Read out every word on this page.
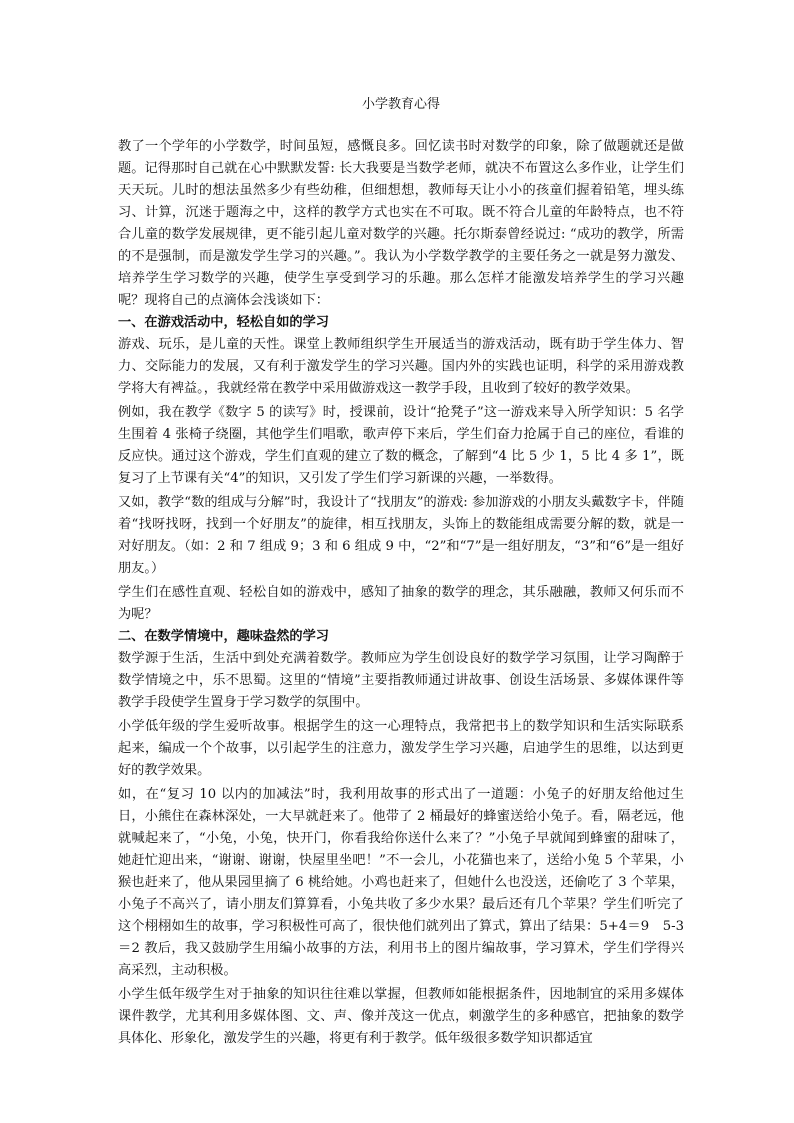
小学教育心得

教了一个学年的小学数学，时间虽短，感慨良多。回忆读书时对数学的印象，除了做题就还是做题。记得那时自己就在心中默默发誓: 长大我要是当数学老师，就决不布置这么多作业，让学生们天天玩。儿时的想法虽然多少有些幼稚，但细想想，教师每天让小小的孩童们握着铅笔，埋头练习、计算，沉迷于题海之中，这样的教学方式也实在不可取。既不符合儿童的年龄特点，也不符合儿童的数学发展规律，更不能引起儿童对数学的兴趣。托尔斯泰曾经说过: “成功的教学，所需的不是强制，而是激发学生学习的兴趣。”。我认为小学数学教学的主要任务之一就是努力激发、培养学生学习数学的兴趣，使学生享受到学习的乐趣。那么怎样才能激发培养学生的学习兴趣呢？现将自己的点滴体会浅谈如下：

一、在游戏活动中，轻松自如的学习

游戏、玩乐，是儿童的天性。课堂上教师组织学生开展适当的游戏活动，既有助于学生体力、智力、交际能力的发展，又有利于激发学生的学习兴趣。国内外的实践也证明，科学的采用游戏教学将大有裨益。，我就经常在教学中采用做游戏这一教学手段，且收到了较好的教学效果。

例如，我在教学《数字 5 的读写》时，授课前，设计“抢凳子”这一游戏来导入所学知识：5 名学生围着 4 张椅子绕圈，其他学生们唱歌，歌声停下来后，学生们奋力抢属于自己的座位，看谁的反应快。通过这个游戏，学生们直观的建立了数的概念，了解到“4 比 5 少 1，5 比 4 多 1”，既复习了上节课有关“4”的知识，又引发了学生们学习新课的兴趣，一举数得。

又如，教学“数的组成与分解”时，我设计了“找朋友”的游戏: 参加游戏的小朋友头戴数字卡，伴随着“找呀找呀，找到一个好朋友”的旋律，相互找朋友，头饰上的数能组成需要分解的数，就是一对好朋友。（如：2 和 7 组成 9；3 和 6 组成 9 中，“2”和“7”是一组好朋友，“3”和“6”是一组好朋友。）

学生们在感性直观、轻松自如的游戏中，感知了抽象的数学的理念，其乐融融，教师又何乐而不为呢？

二、在数学情境中，趣味盎然的学习

数学源于生活，生活中到处充满着数学。教师应为学生创设良好的数学学习氛围，让学习陶醉于数学情境之中，乐不思蜀。这里的“情境”主要指教师通过讲故事、创设生活场景、多媒体课件等教学手段使学生置身于学习数学的氛围中。

小学低年级的学生爱听故事。根据学生的这一心理特点，我常把书上的数学知识和生活实际联系起来，编成一个个故事，以引起学生的注意力，激发学生学习兴趣，启迪学生的思维，以达到更好的教学效果。

如，在“复习 10 以内的加减法”时，我利用故事的形式出了一道题：小兔子的好朋友给他过生日，小熊住在森林深处，一大早就赶来了。他带了 2 桶最好的蜂蜜送给小兔子。看，隔老远，他就喊起来了，“小兔，小兔，快开门，你看我给你送什么来了？”小兔子早就闻到蜂蜜的甜味了，她赶忙迎出来，“谢谢、谢谢，快屋里坐吧！”不一会儿，小花猫也来了，送给小兔 5 个苹果，小猴也赶来了，他从果园里摘了 6 桃给她。小鸡也赶来了，但她什么也没送，还偷吃了 3 个苹果，小兔子不高兴了，请小朋友们算算看，小兔共收了多少水果？最后还有几个苹果？学生们听完了这个栩栩如生的故事，学习积极性可高了，很快他们就列出了算式，算出了结果：5+4＝9　5-3＝2 教后，我又鼓励学生用编小故事的方法，利用书上的图片编故事，学习算术，学生们学得兴高采烈，主动积极。

小学生低年级学生对于抽象的知识往往难以掌握，但教师如能根据条件，因地制宜的采用多媒体课件教学，尤其利用多媒体图、文、声、像并茂这一优点，刺激学生的多种感官，把抽象的数学具体化、形象化，激发学生的兴趣，将更有利于教学。低年级很多数学知识都适宜
